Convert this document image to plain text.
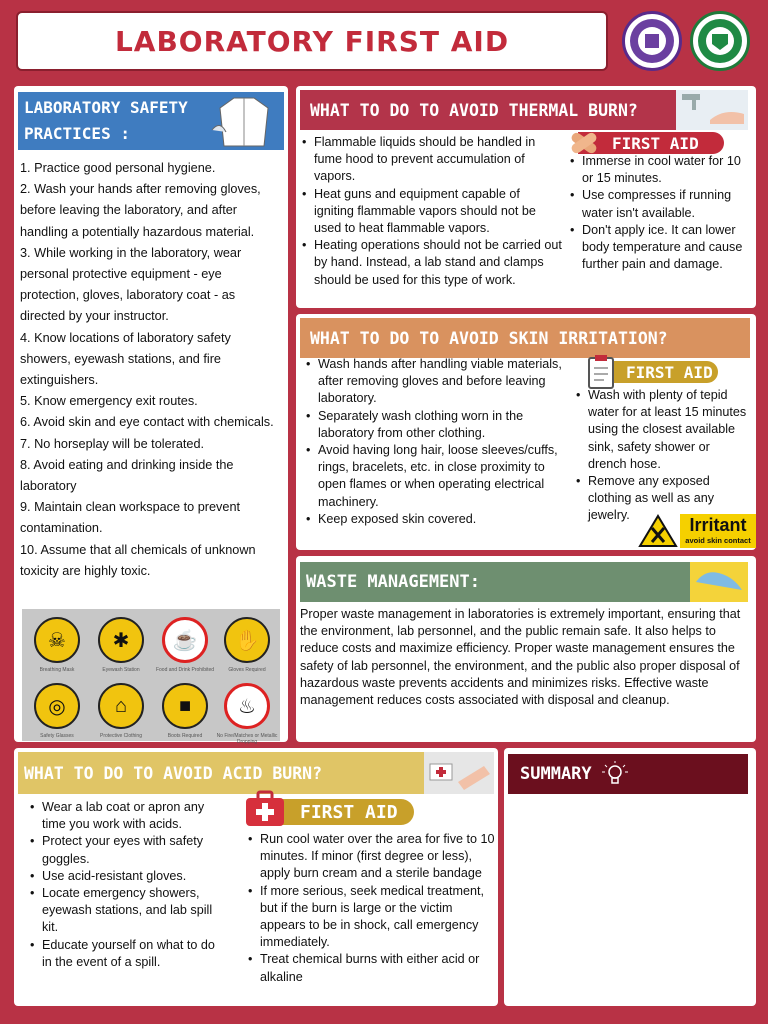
LABORATORY FIRST AID
LABORATORY SAFETY
PRACTICES :
1. Practice good personal hygiene.
2. Wash your hands after removing gloves, before leaving the laboratory, and after handling a potentially hazardous material.
3. While working in the laboratory, wear personal protective equipment - eye protection, gloves, laboratory coat - as directed by your instructor.
4. Know locations of laboratory safety showers, eyewash stations, and fire extinguishers.
5. Know emergency exit routes.
6. Avoid skin and eye contact with chemicals.
7. No horseplay will be tolerated.
8. Avoid eating and drinking inside the laboratory
9. Maintain clean workspace to prevent contamination.
10. Assume that all chemicals of unknown toxicity are highly toxic.
☠
Breathing Mask
✱
Eyewash Station
☕
Food and Drink Prohibited
✋
Gloves Required
◎
Safety Glasses
⌂
Protective Clothing
■
Boots Required
♨
No Fire/Matches or Metallic Dropping
WHAT TO DO TO AVOID THERMAL BURN?
• Flammable liquids should be handled in fume hood to prevent accumulation of vapors.
• Heat guns and equipment capable of igniting flammable vapors should not be used to heat flammable vapors.
• Heating operations should not be carried out by hand. Instead, a lab stand and clamps should be used for this type of work.
FIRST AID
• Immerse in cool water for 10 or 15 minutes.
• Use compresses if running water isn't available.
• Don't apply ice. It can lower body temperature and cause further pain and damage.
WHAT TO DO TO AVOID SKIN IRRITATION?
• Wash hands after handling viable materials, after removing gloves and before leaving laboratory.
• Separately wash clothing worn in the laboratory from other clothing.
• Avoid having long hair, loose sleeves/cuffs, rings, bracelets, etc. in close proximity to open flames or when operating electrical machinery.
• Keep exposed skin covered.
FIRST AID
• Wash with plenty of tepid water for at least 15 minutes using the closest available sink, safety shower or drench hose.
• Remove any exposed clothing as well as any jewelry.	Irritant
avoid skin contact
WASTE MANAGEMENT:
Proper waste management in laboratories is extremely important, ensuring that the environment, lab personnel, and the public remain safe. It also helps to reduce costs and maximize efficiency. Proper waste management ensures the safety of lab personnel, the environment, and the public also proper disposal of hazardous waste prevents accidents and minimizes risks. Effective waste management reduces costs associated with disposal and cleanup.
WHAT TO DO TO AVOID ACID BURN?
• Wear a lab coat or apron any time you work with acids.
• Protect your eyes with safety goggles.
• Use acid-resistant gloves.
• Locate emergency showers, eyewash stations, and lab spill kit.
• Educate yourself on what to do in the event of a spill.
FIRST AID
• Run cool water over the area for five to 10 minutes. If minor (first degree or less), apply burn cream and a sterile bandage
• If more serious, seek medical treatment, but if the burn is large or the victim appears to be in shock, call emergency immediately.
• Treat chemical burns with either acid or alkaline
SUMMARY
